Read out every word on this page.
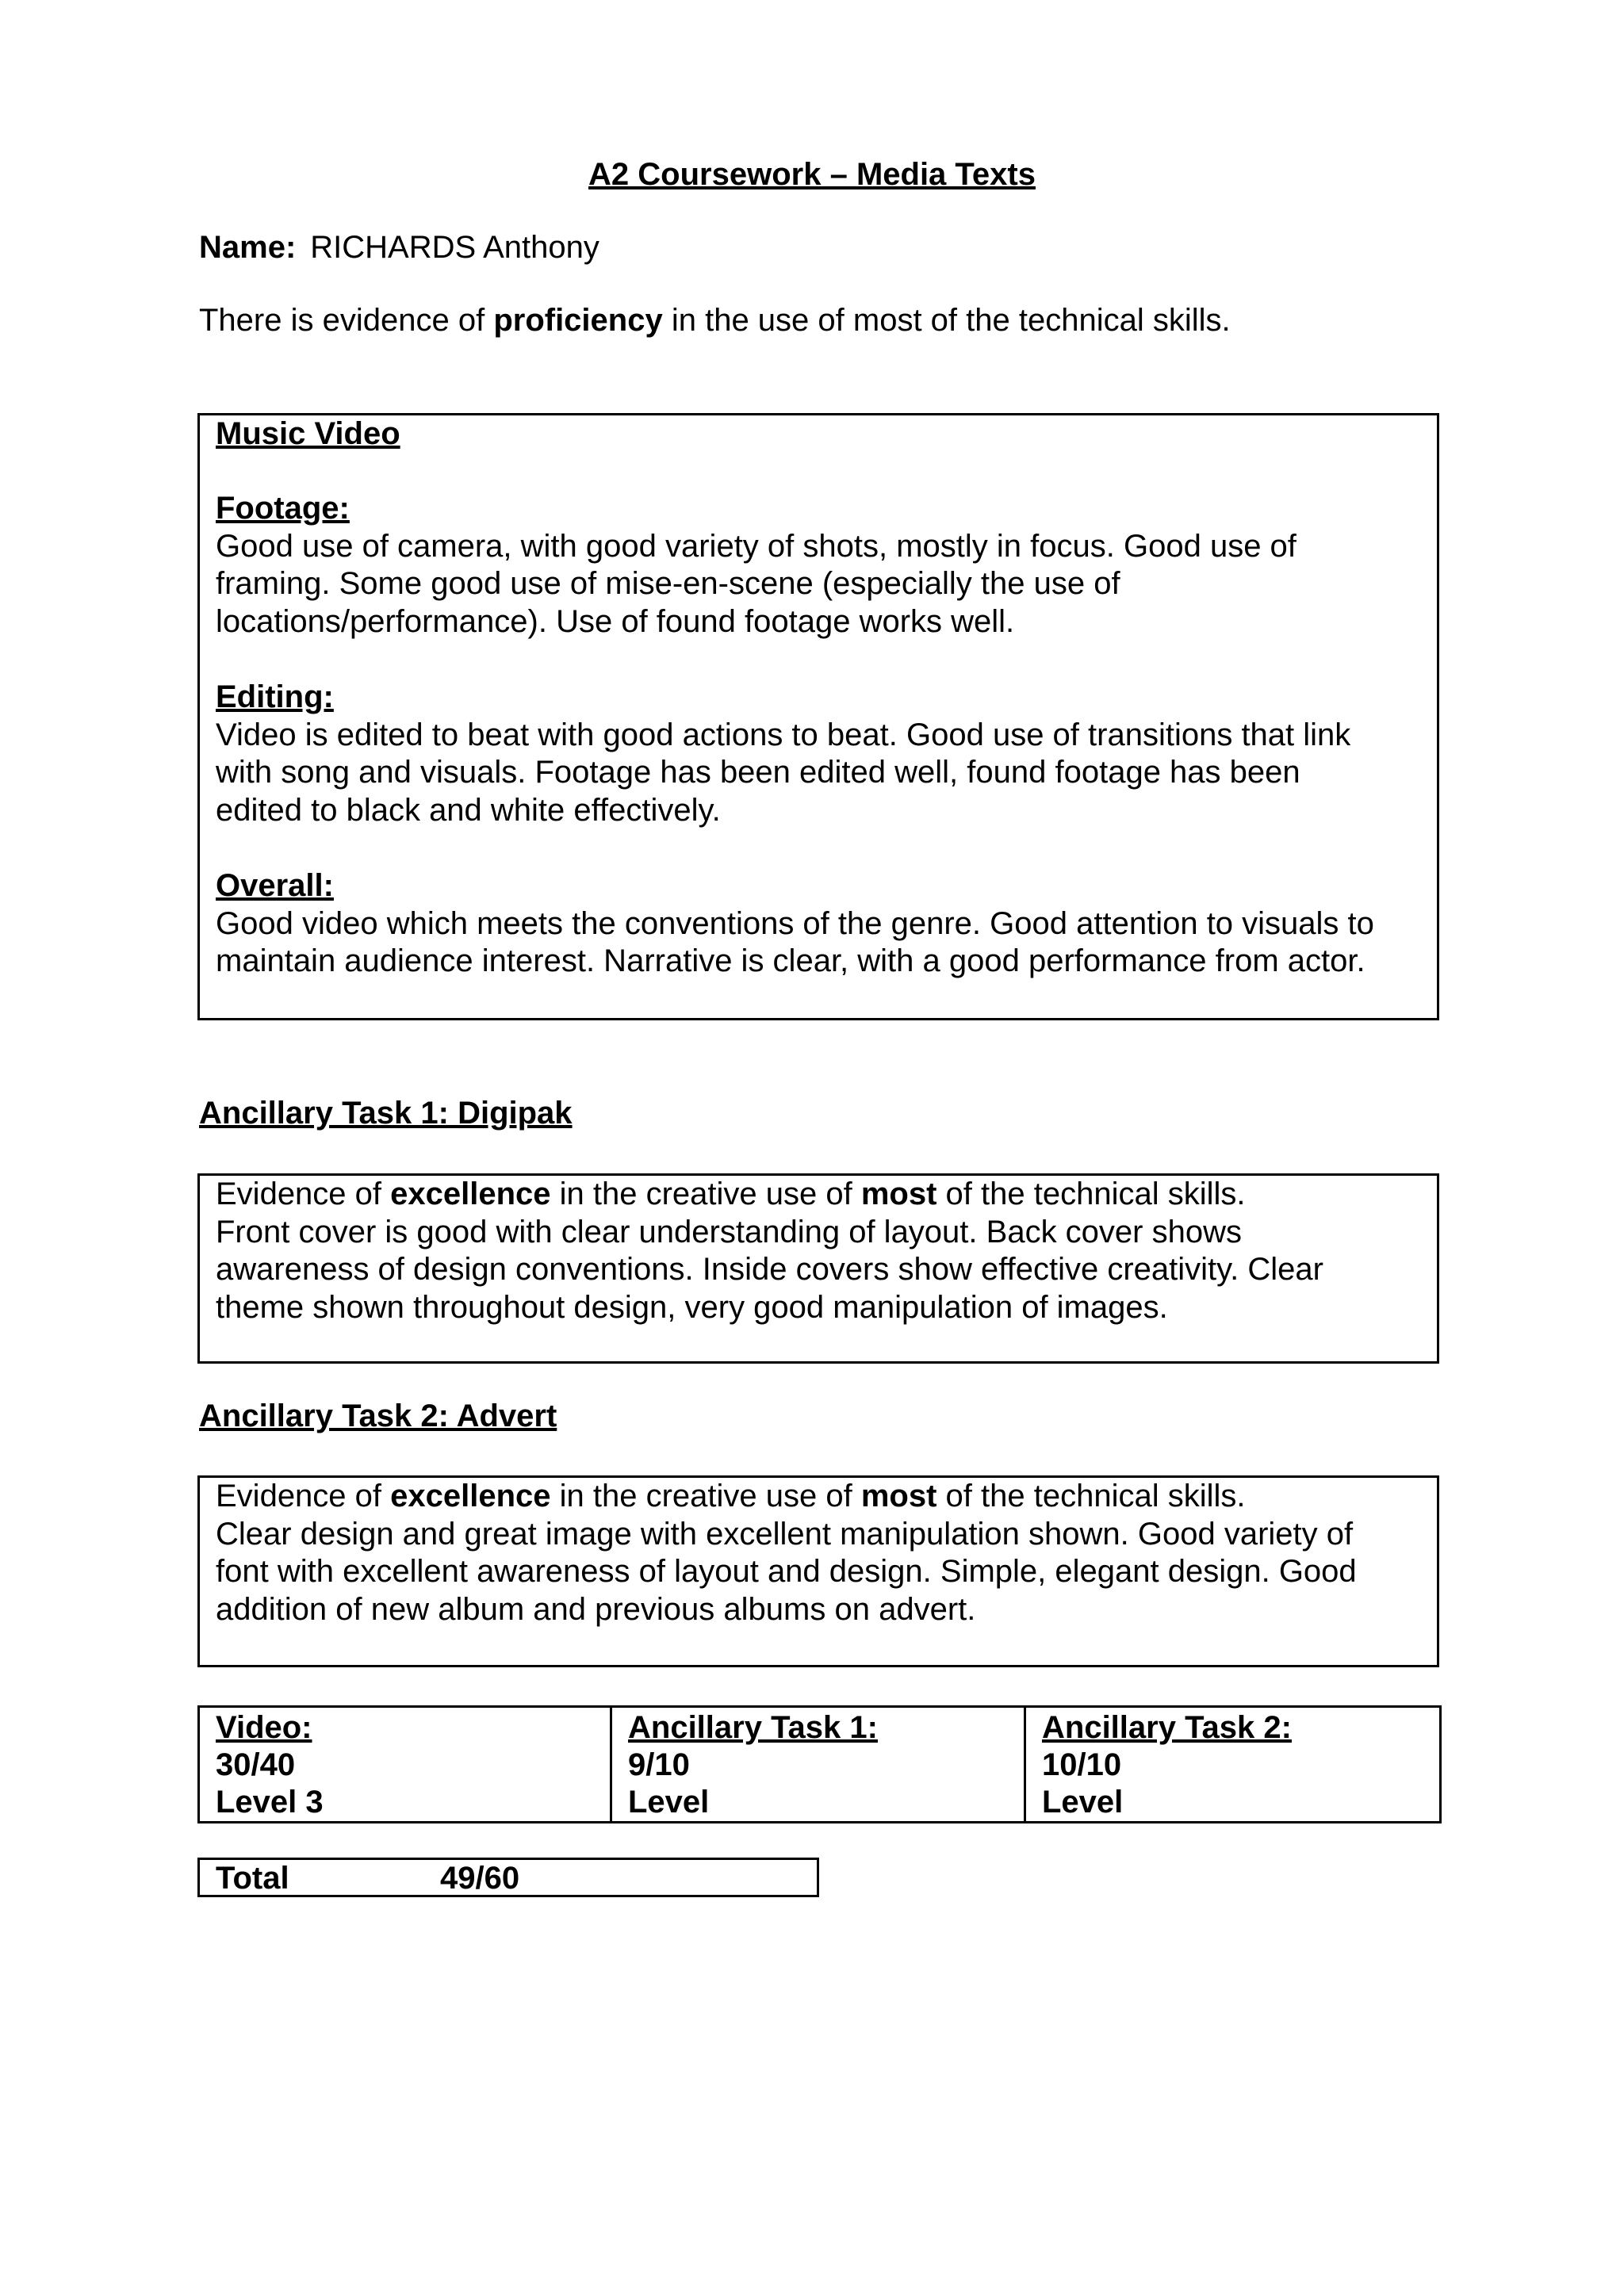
A2 Coursework – Media Texts
Name: RICHARDS Anthony
There is evidence of proficiency in the use of most of the technical skills.
Music Video
Footage:
Good use of camera, with good variety of shots, mostly in focus. Good use of
framing. Some good use of mise-en-scene (especially the use of
locations/performance). Use of found footage works well.
Editing:
Video is edited to beat with good actions to beat. Good use of transitions that link
with song and visuals. Footage has been edited well, found footage has been
edited to black and white effectively.
Overall:
Good video which meets the conventions of the genre. Good attention to visuals to
maintain audience interest. Narrative is clear, with a good performance from actor.
Ancillary Task 1: Digipak
Evidence of excellence in the creative use of most of the technical skills.
Front cover is good with clear understanding of layout. Back cover shows
awareness of design conventions. Inside covers show effective creativity. Clear
theme shown throughout design, very good manipulation of images.
Ancillary Task 2: Advert
Evidence of excellence in the creative use of most of the technical skills.
Clear design and great image with excellent manipulation shown. Good variety of
font with excellent awareness of layout and design. Simple, elegant design. Good
addition of new album and previous albums on advert.
Video:
30/40
Level 3

Ancillary Task 1:
9/10
Level

Ancillary Task 2:
10/10
Level
Total	49/60
